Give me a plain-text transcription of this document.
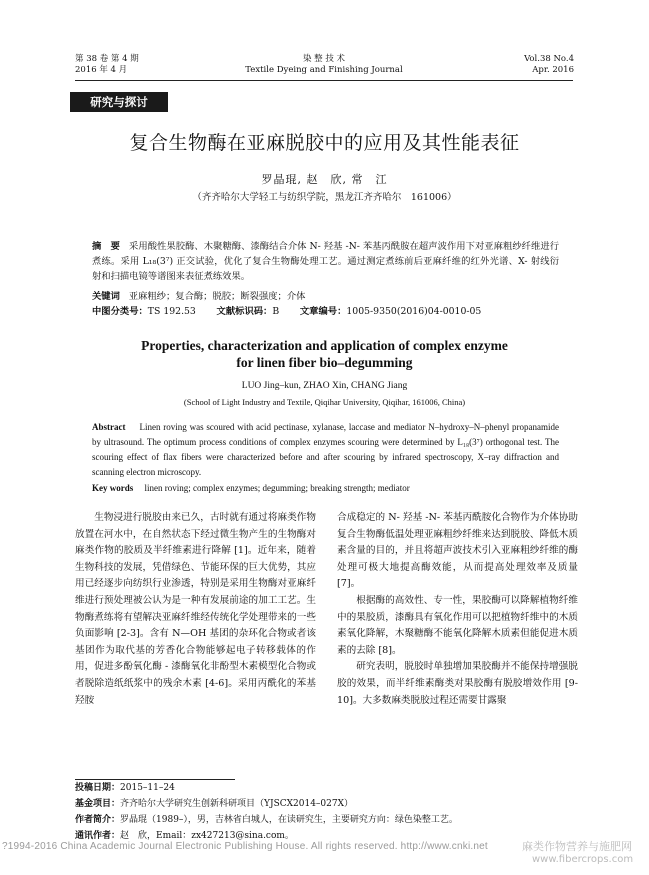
第 38 卷 第 4 期
2016 年 4 月
染 整 技 术
Textile Dyeing and Finishing Journal
Vol.38 No.4
Apr. 2016
研究与探讨
复合生物酶在亚麻脱胶中的应用及其性能表征
罗晶琨, 赵　欣, 常　江
（齐齐哈尔大学轻工与纺织学院，黑龙江齐齐哈尔　161006）
摘　要 采用酸性果胶酶、木聚糖酶、漆酶结合介体 N- 羟基 -N- 苯基丙酰胺在超声波作用下对亚麻粗纱纤维进行煮练。采用 L₁₈(3⁷) 正交试验，优化了复合生物酶处理工艺。通过测定煮练前后亚麻纤维的红外光谱、X- 射线衍射和扫描电镜等谱图来表征煮练效果。
关键词 亚麻粗纱；复合酶；脱胶；断裂强度；介体
中图分类号：TS 192.53 文献标识码：B 文章编号：1005-9350(2016)04-0010-05
Properties, characterization and application of complex enzyme
for linen fiber bio–degumming
LUO Jing–kun, ZHAO Xin, CHANG Jiang
(School of Light Industry and Textile, Qiqihar University, Qiqihar, 161006, China)
Abstract Linen roving was scoured with acid pectinase, xylanase, laccase and mediator N–hydroxy–N–phenyl propanamide by ultrasound. The optimum process conditions of complex enzymes scouring were determined by L₁₈(3⁷) orthogonal test. The scouring effect of flax fibers were characterized before and after scouring by infrared spectroscopy, X–ray diffraction and scanning electron microscopy.
Key words linen roving; complex enzymes; degumming; breaking strength; mediator
生物浸进行脱胶由来已久，古时就有通过将麻类作物放置在河水中，在自然状态下经过微生物产生的生物酶对麻类作物的胶质及半纤维素进行降解 [1]。近年来，随着生物科技的发展，凭借绿色、节能环保的巨大优势，其应用已经逐步向纺织行业渗透，特别是采用生物酶对亚麻纤维进行预处理被公认为是一种有发展前途的加工工艺。生物酶煮练将有望解决亚麻纤维经传统化学处理带来的一些负面影响 [2-3]。含有 N—OH 基团的杂环化合物或者该基团作为取代基的芳香化合物能够起电子转移载体的作用，促进多酚氧化酶 - 漆酶氧化非酚型木素模型化合物或者脱除造纸纸浆中的残余木素 [4-6]。采用丙酰化的苯基羟胺
合成稳定的 N- 羟基 -N- 苯基丙酰胺化合物作为介体协助复合生物酶低温处理亚麻粗纱纤维来达到脱胶、降低木质素含量的目的，并且将超声波技术引入亚麻粗纱纤维的酶处理可极大地提高酶效能，从而提高处理效率及质量 [7]。
根据酶的高效性、专一性，果胶酶可以降解植物纤维中的果胶质，漆酶具有氧化作用可以把植物纤维中的木质素氧化降解，木聚糖酶不能氧化降解木质素但能促进木质素的去除 [8]。
研究表明，脱胶时单独增加果胶酶并不能保持增强脱胶的效果，而半纤维素酶类对果胶酶有脱胶增效作用 [9-10]。大多数麻类脱胶过程还需要甘露聚
投稿日期：2015–11–24
基金项目：齐齐哈尔大学研究生创新科研项目（YJSCX2014–027X）
作者简介：罗晶琨（1989–），男，吉林省白城人，在读研究生，主要研究方向：绿色染整工艺。
通讯作者：赵　欣，Email：zx427213@sina.com。
?1994-2016 China Academic Journal Electronic Publishing House. All rights reserved. http://www.cnki.net	麻类作物营养与施肥网
www.fibercrops.com
